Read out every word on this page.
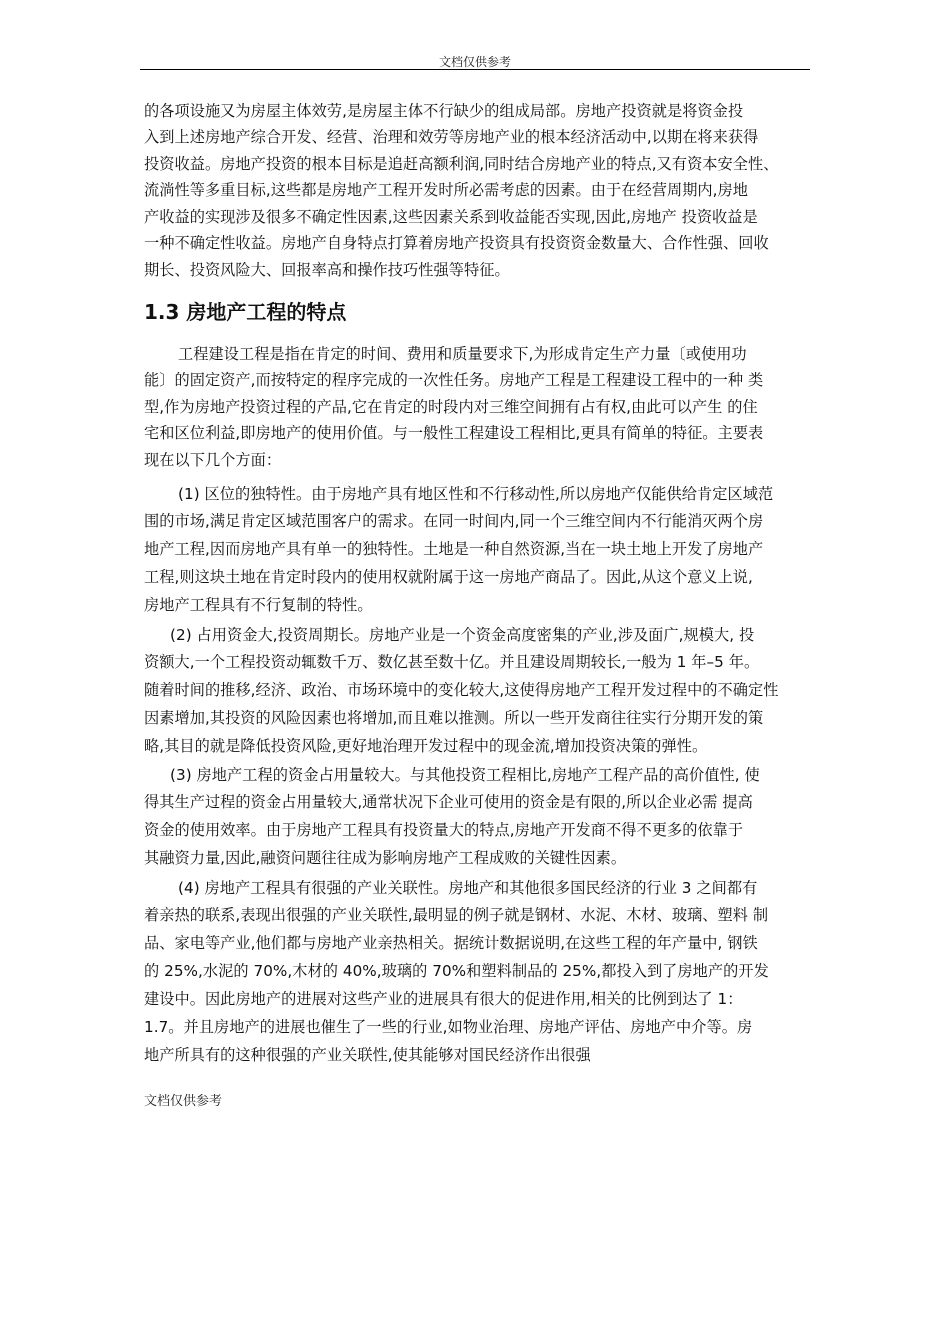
文档仅供参考
的各项设施又为房屋主体效劳,是房屋主体不行缺少的组成局部。房地产投资就是将资金投
入到上述房地产综合开发、经营、治理和效劳等房地产业的根本经济活动中,以期在将来获得
投资收益。房地产投资的根本目标是追赶高额利润,同时结合房地产业的特点,又有资本安全性、
流淌性等多重目标,这些都是房地产工程开发时所必需考虑的因素。由于在经营周期内,房地
产收益的实现涉及很多不确定性因素,这些因素关系到收益能否实现,因此,房地产 投资收益是
一种不确定性收益。房地产自身特点打算着房地产投资具有投资资金数量大、合作性强、回收
期长、投资风险大、回报率高和操作技巧性强等特征。
1.3 房地产工程的特点
工程建设工程是指在肯定的时间、费用和质量要求下,为形成肯定生产力量〔或使用功
能〕的固定资产,而按特定的程序完成的一次性任务。房地产工程是工程建设工程中的一种 类
型,作为房地产投资过程的产品,它在肯定的时段内对三维空间拥有占有权,由此可以产生 的住
宅和区位利益,即房地产的使用价值。与一般性工程建设工程相比,更具有简单的特征。主要表
现在以下几个方面：
(1) 区位的独特性。由于房地产具有地区性和不行移动性,所以房地产仅能供给肯定区域范
围的市场,满足肯定区域范围客户的需求。在同一时间内,同一个三维空间内不行能消灭两个房
地产工程,因而房地产具有单一的独特性。土地是一种自然资源,当在一块土地上开发了房地产
工程,则这块土地在肯定时段内的使用权就附属于这一房地产商品了。因此,从这个意义上说,
房地产工程具有不行复制的特性。
(2) 占用资金大,投资周期长。房地产业是一个资金高度密集的产业,涉及面广,规模大, 投
资额大,一个工程投资动辄数千万、数亿甚至数十亿。并且建设周期较长,一般为 1 年–5 年。
随着时间的推移,经济、政治、市场环境中的变化较大,这使得房地产工程开发过程中的不确定性
因素增加,其投资的风险因素也将增加,而且难以推测。所以一些开发商往往实行分期开发的策
略,其目的就是降低投资风险,更好地治理开发过程中的现金流,增加投资决策的弹性。
(3) 房地产工程的资金占用量较大。与其他投资工程相比,房地产工程产品的高价值性, 使
得其生产过程的资金占用量较大,通常状况下企业可使用的资金是有限的,所以企业必需 提高
资金的使用效率。由于房地产工程具有投资量大的特点,房地产开发商不得不更多的依靠于
其融资力量,因此,融资问题往往成为影响房地产工程成败的关键性因素。
(4) 房地产工程具有很强的产业关联性。房地产和其他很多国民经济的行业 3 之间都有
着亲热的联系,表现出很强的产业关联性,最明显的例子就是钢材、水泥、木材、玻璃、塑料 制
品、家电等产业,他们都与房地产业亲热相关。据统计数据说明,在这些工程的年产量中, 钢铁
的 25%,水泥的 70%,木材的 40%,玻璃的 70%和塑料制品的 25%,都投入到了房地产的开发
建设中。因此房地产的进展对这些产业的进展具有很大的促进作用,相关的比例到达了 1：
1.7。并且房地产的进展也催生了一些的行业,如物业治理、房地产评估、房地产中介等。房
地产所具有的这种很强的产业关联性,使其能够对国民经济作出很强
文档仅供参考
